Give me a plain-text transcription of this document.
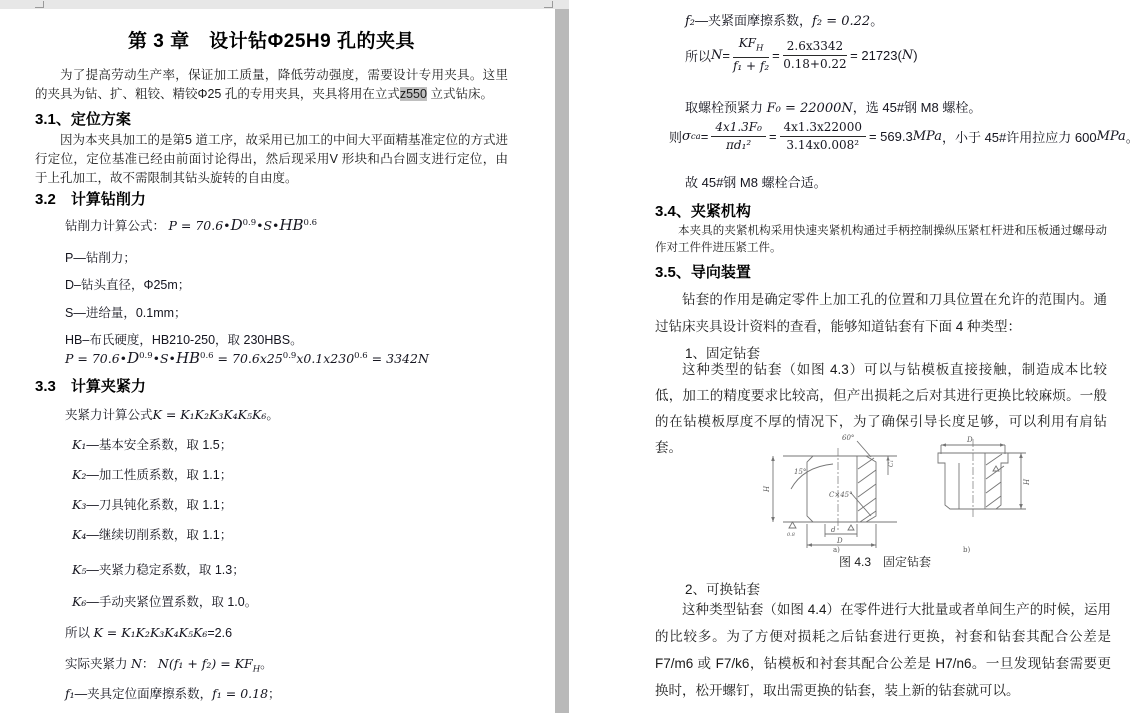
第 3 章　设计钻Φ25H9 孔的夹具
为了提高劳动生产率，保证加工质量，降低劳动强度，需要设计专用夹具。这里的夹具为钻、扩、粗铰、精铰Φ25 孔的专用夹具，夹具将用在立式z550 立式钻床。
3.1、定位方案
因为本夹具加工的是第5 道工序，故采用已加工的中间大平面精基准定位的方式进行定位，定位基准已经由前面讨论得出，然后现采用V 形块和凸台圆支进行定位，由于上孔加工，故不需限制其钻头旋转的自由度。
3.2　计算钻削力
钻削力计算公式： $P = 70.6•D^{0.9}•S•HB^{0.6}$
P—钻削力；
D–钻头直径，Φ25m；
S—进给量，0.1mm；
HB–布氏硬度，HB210-250，取 230HBS。
$P = 70.6•D^{0.9}•S•HB^{0.6} = 70.6x25^{0.9}x0.1x230^{0.6} = 3342N$
3.3　计算夹紧力
夹紧力计算公式K = K₁K₂K₃K₄K₅K₆。
K₁—基本安全系数，取 1.5；
K₂—加工性质系数，取 1.1；
K₃—刀具钝化系数，取 1.1；
K₄—继续切削系数，取 1.1；
K₅—夹紧力稳定系数，取 1.3；
K₆—手动夹紧位置系数，取 1.0。
所以 K = K₁K₂K₃K₄K₅K₆=2.6
实际夹紧力 N： $N(f_1 + f_2) = KF_H$。
f₁—夹具定位面摩擦系数，f₁ = 0.18；
f₂—夹紧面摩擦系数，f₂ = 0.22。
所以 $N = \frac{KF_H}{\text{f₁ + f₂}} = \frac{2.6x3342}{0.18+0.22} = 21723$( N )
取螺栓预紧力 F₀ = 22000N，选 45#钢 M8 螺栓。
则 σ ca = $\frac{\text{4x1.3F₀}}{\text{πd₁²}} = \frac{4x1.3x22000}{\text{3.14x0.008²}} = 569.3$ MPa ，小于 45#许用拉应力 600 MPa 。
故 45#钢 M8 螺栓合适。
3.4、夹紧机构
本夹具的夹紧机构采用快速夹紧机构通过手柄控制操纵压紧杠杆进和压板通过螺母动作对工件件进压紧工件。
3.5、导向装置
钻套的作用是确定零件上加工孔的位置和刀具位置在允许的范围内。通过钻床夹具设计资料的查看，能够知道钻套有下面 4 种类型：
1、固定钻套
这种类型的钻套（如图 4.3）可以与钻模板直接接触，制造成本比较低，加工的精度要求比较高，但产出损耗之后对其进行更换比较麻烦。一般的在钻模板厚度不厚的情况下，为了确保引导长度足够，可以利用有肩钻套。
60°
15°
C×45°
d
D
H
C₁
0.8
D
H
a)	b)
图 4.3　固定钻套
2、可换钻套
这种类型钻套（如图 4.4）在零件进行大批量或者单间生产的时候，运用的比较多。为了方便对损耗之后钻套进行更换，衬套和钻套其配合公差是 F7/m6 或 F7/k6，钻模板和衬套其配合公差是 H7/n6。一旦发现钻套需要更换时，松开螺钉，取出需更换的钻套，装上新的钻套就可以。
